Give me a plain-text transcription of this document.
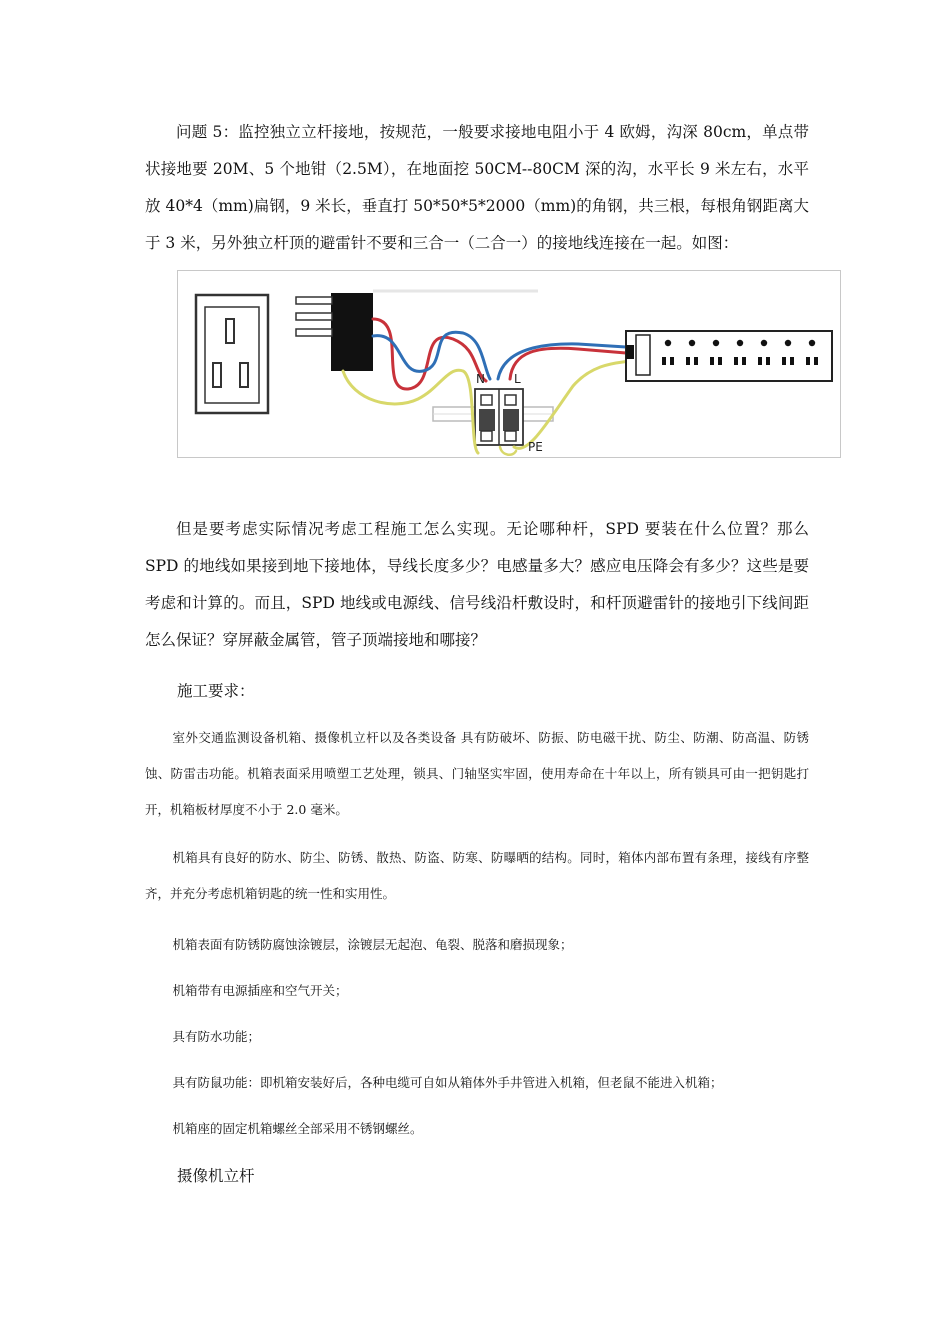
问题 5：监控独立立杆接地，按规范，一般要求接地电阻小于 4 欧姆，沟深 80cm，单点带状接地要 20M、5 个地钳（2.5M），在地面挖 50CM--80CM 深的沟，水平长 9 米左右，水平放 40*4（mm)扁钢，9 米长，垂直打 50*50*5*2000（mm)的角钢，共三根，每根角钢距离大于 3 米，另外独立杆顶的避雷针不要和三合一（二合一）的接地线连接在一起。如图：

N L
PE

但是要考虑实际情况考虑工程施工怎么实现。无论哪种杆，SPD 要装在什么位置？那么 SPD 的地线如果接到地下接地体，导线长度多少？电感量多大？感应电压降会有多少？这些是要考虑和计算的。而且，SPD 地线或电源线、信号线沿杆敷设时，和杆顶避雷针的接地引下线间距怎么保证？穿屏蔽金属管，管子顶端接地和哪接？

施工要求：

室外交通监测设备机箱、摄像机立杆以及各类设备 具有防破坏、防振、防电磁干扰、防尘、防潮、防高温、防锈蚀、防雷击功能。机箱表面采用喷塑工艺处理，锁具、门轴坚实牢固，使用寿命在十年以上，所有锁具可由一把钥匙打开，机箱板材厚度不小于 2.0 毫米。

机箱具有良好的防水、防尘、防锈、散热、防盗、防寒、防曝晒的结构。同时，箱体内部布置有条理，接线有序整齐，并充分考虑机箱钥匙的统一性和实用性。

机箱表面有防锈防腐蚀涂镀层，涂镀层无起泡、龟裂、脱落和磨损现象；

机箱带有电源插座和空气开关；

具有防水功能；

具有防鼠功能：即机箱安装好后，各种电缆可自如从箱体外手井管进入机箱，但老鼠不能进入机箱；

机箱座的固定机箱螺丝全部采用不锈钢螺丝。

摄像机立杆
